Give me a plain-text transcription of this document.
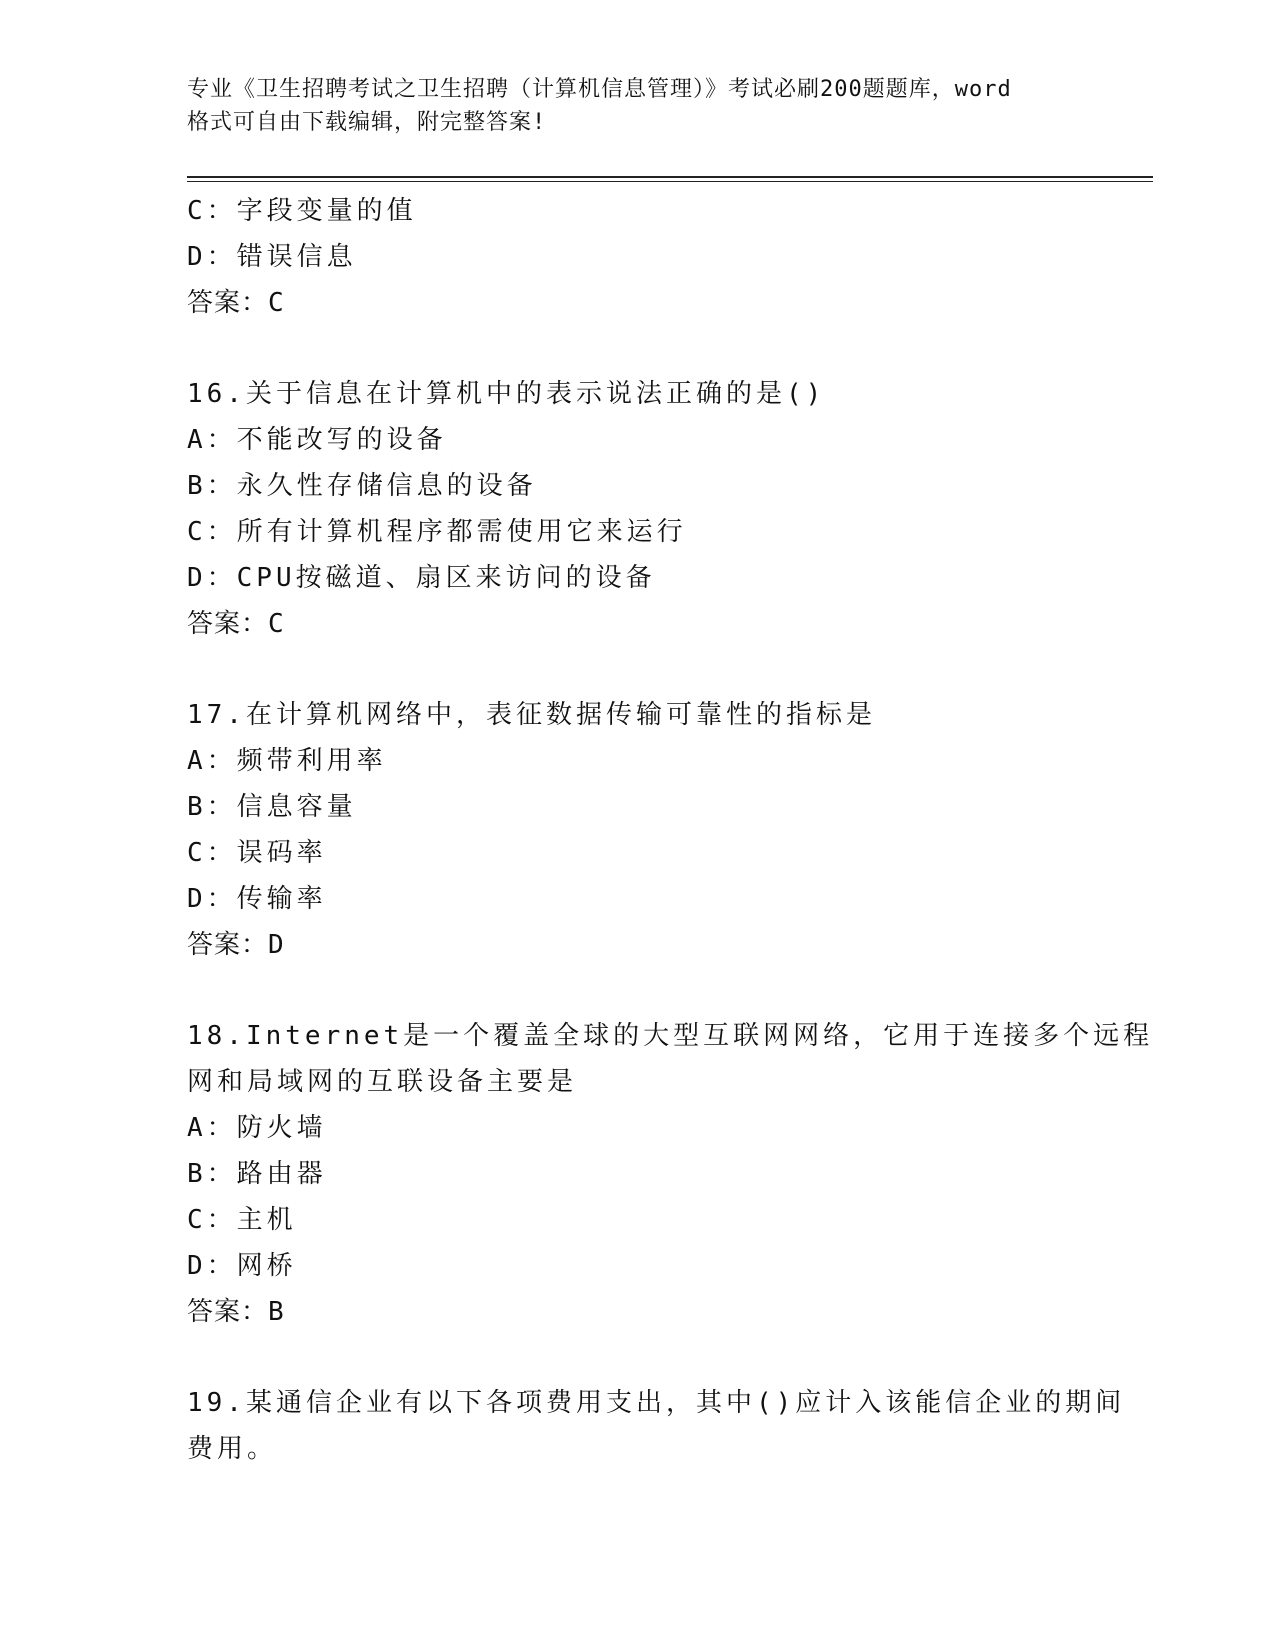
专业《卫生招聘考试之卫生招聘（计算机信息管理）》考试必刷200题题库，word
格式可自由下载编辑，附完整答案!
C：字段变量的值
D：错误信息
答案：C
16.关于信息在计算机中的表示说法正确的是()
A：不能改写的设备
B：永久性存储信息的设备
C：所有计算机程序都需使用它来运行
D：CPU按磁道、扇区来访问的设备
答案：C
17.在计算机网络中，表征数据传输可靠性的指标是
A：频带利用率
B：信息容量
C：误码率
D：传输率
答案：D
18.Internet是一个覆盖全球的大型互联网网络，它用于连接多个远程
网和局域网的互联设备主要是
A：防火墙
B：路由器
C：主机
D：网桥
答案：B
19.某通信企业有以下各项费用支出，其中()应计入该能信企业的期间
费用。
